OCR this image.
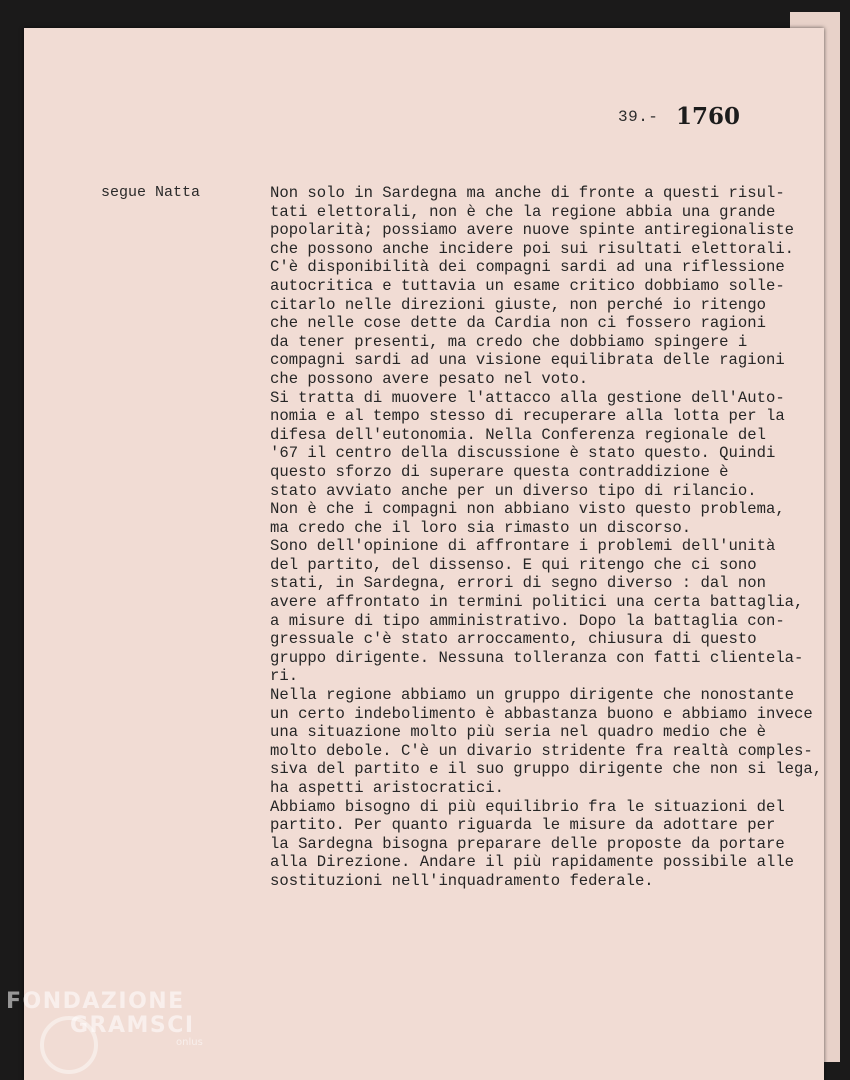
39.- 1760
segue Natta	Non solo in Sardegna ma anche di fronte a questi risul-
tati elettorali, non è che la regione abbia una grande
popolarità; possiamo avere nuove spinte antiregionaliste
che possono anche incidere poi sui risultati elettorali.
C'è disponibilità dei compagni sardi ad una riflessione
autocritica e tuttavia un esame critico dobbiamo solle-
citarlo nelle direzioni giuste, non perché io ritengo
che nelle cose dette da Cardia non ci fossero ragioni
da tener presenti, ma credo che dobbiamo spingere i
compagni sardi ad una visione equilibrata delle ragioni
che possono avere pesato nel voto.
Si tratta di muovere l'attacco alla gestione dell'Auto-
nomia e al tempo stesso di recuperare alla lotta per la
difesa dell'eutonomia. Nella Conferenza regionale del
'67 il centro della discussione è stato questo. Quindi
questo sforzo di superare questa contraddizione è
stato avviato anche per un diverso tipo di rilancio.
Non è che i compagni non abbiano visto questo problema,
ma credo che il loro sia rimasto un discorso.
Sono dell'opinione di affrontare i problemi dell'unità
del partito, del dissenso. E qui ritengo che ci sono
stati, in Sardegna, errori di segno diverso : dal non
avere affrontato in termini politici una certa battaglia,
a misure di tipo amministrativo. Dopo la battaglia con-
gressuale c'è stato arroccamento, chiusura di questo
gruppo dirigente. Nessuna tolleranza con fatti clientela-
ri.
Nella regione abbiamo un gruppo dirigente che nonostante
un certo indebolimento è abbastanza buono e abbiamo invece
una situazione molto più seria nel quadro medio che è
molto debole. C'è un divario stridente fra realtà comples-
siva del partito e il suo gruppo dirigente che non si lega,
ha aspetti aristocratici.
Abbiamo bisogno di più equilibrio fra le situazioni del
partito. Per quanto riguarda le misure da adottare per
la Sardegna bisogna preparare delle proposte da portare
alla Direzione. Andare il più rapidamente possibile alle
sostituzioni nell'inquadramento federale.
FONDAZIONE
GRAMSCI
onlus
